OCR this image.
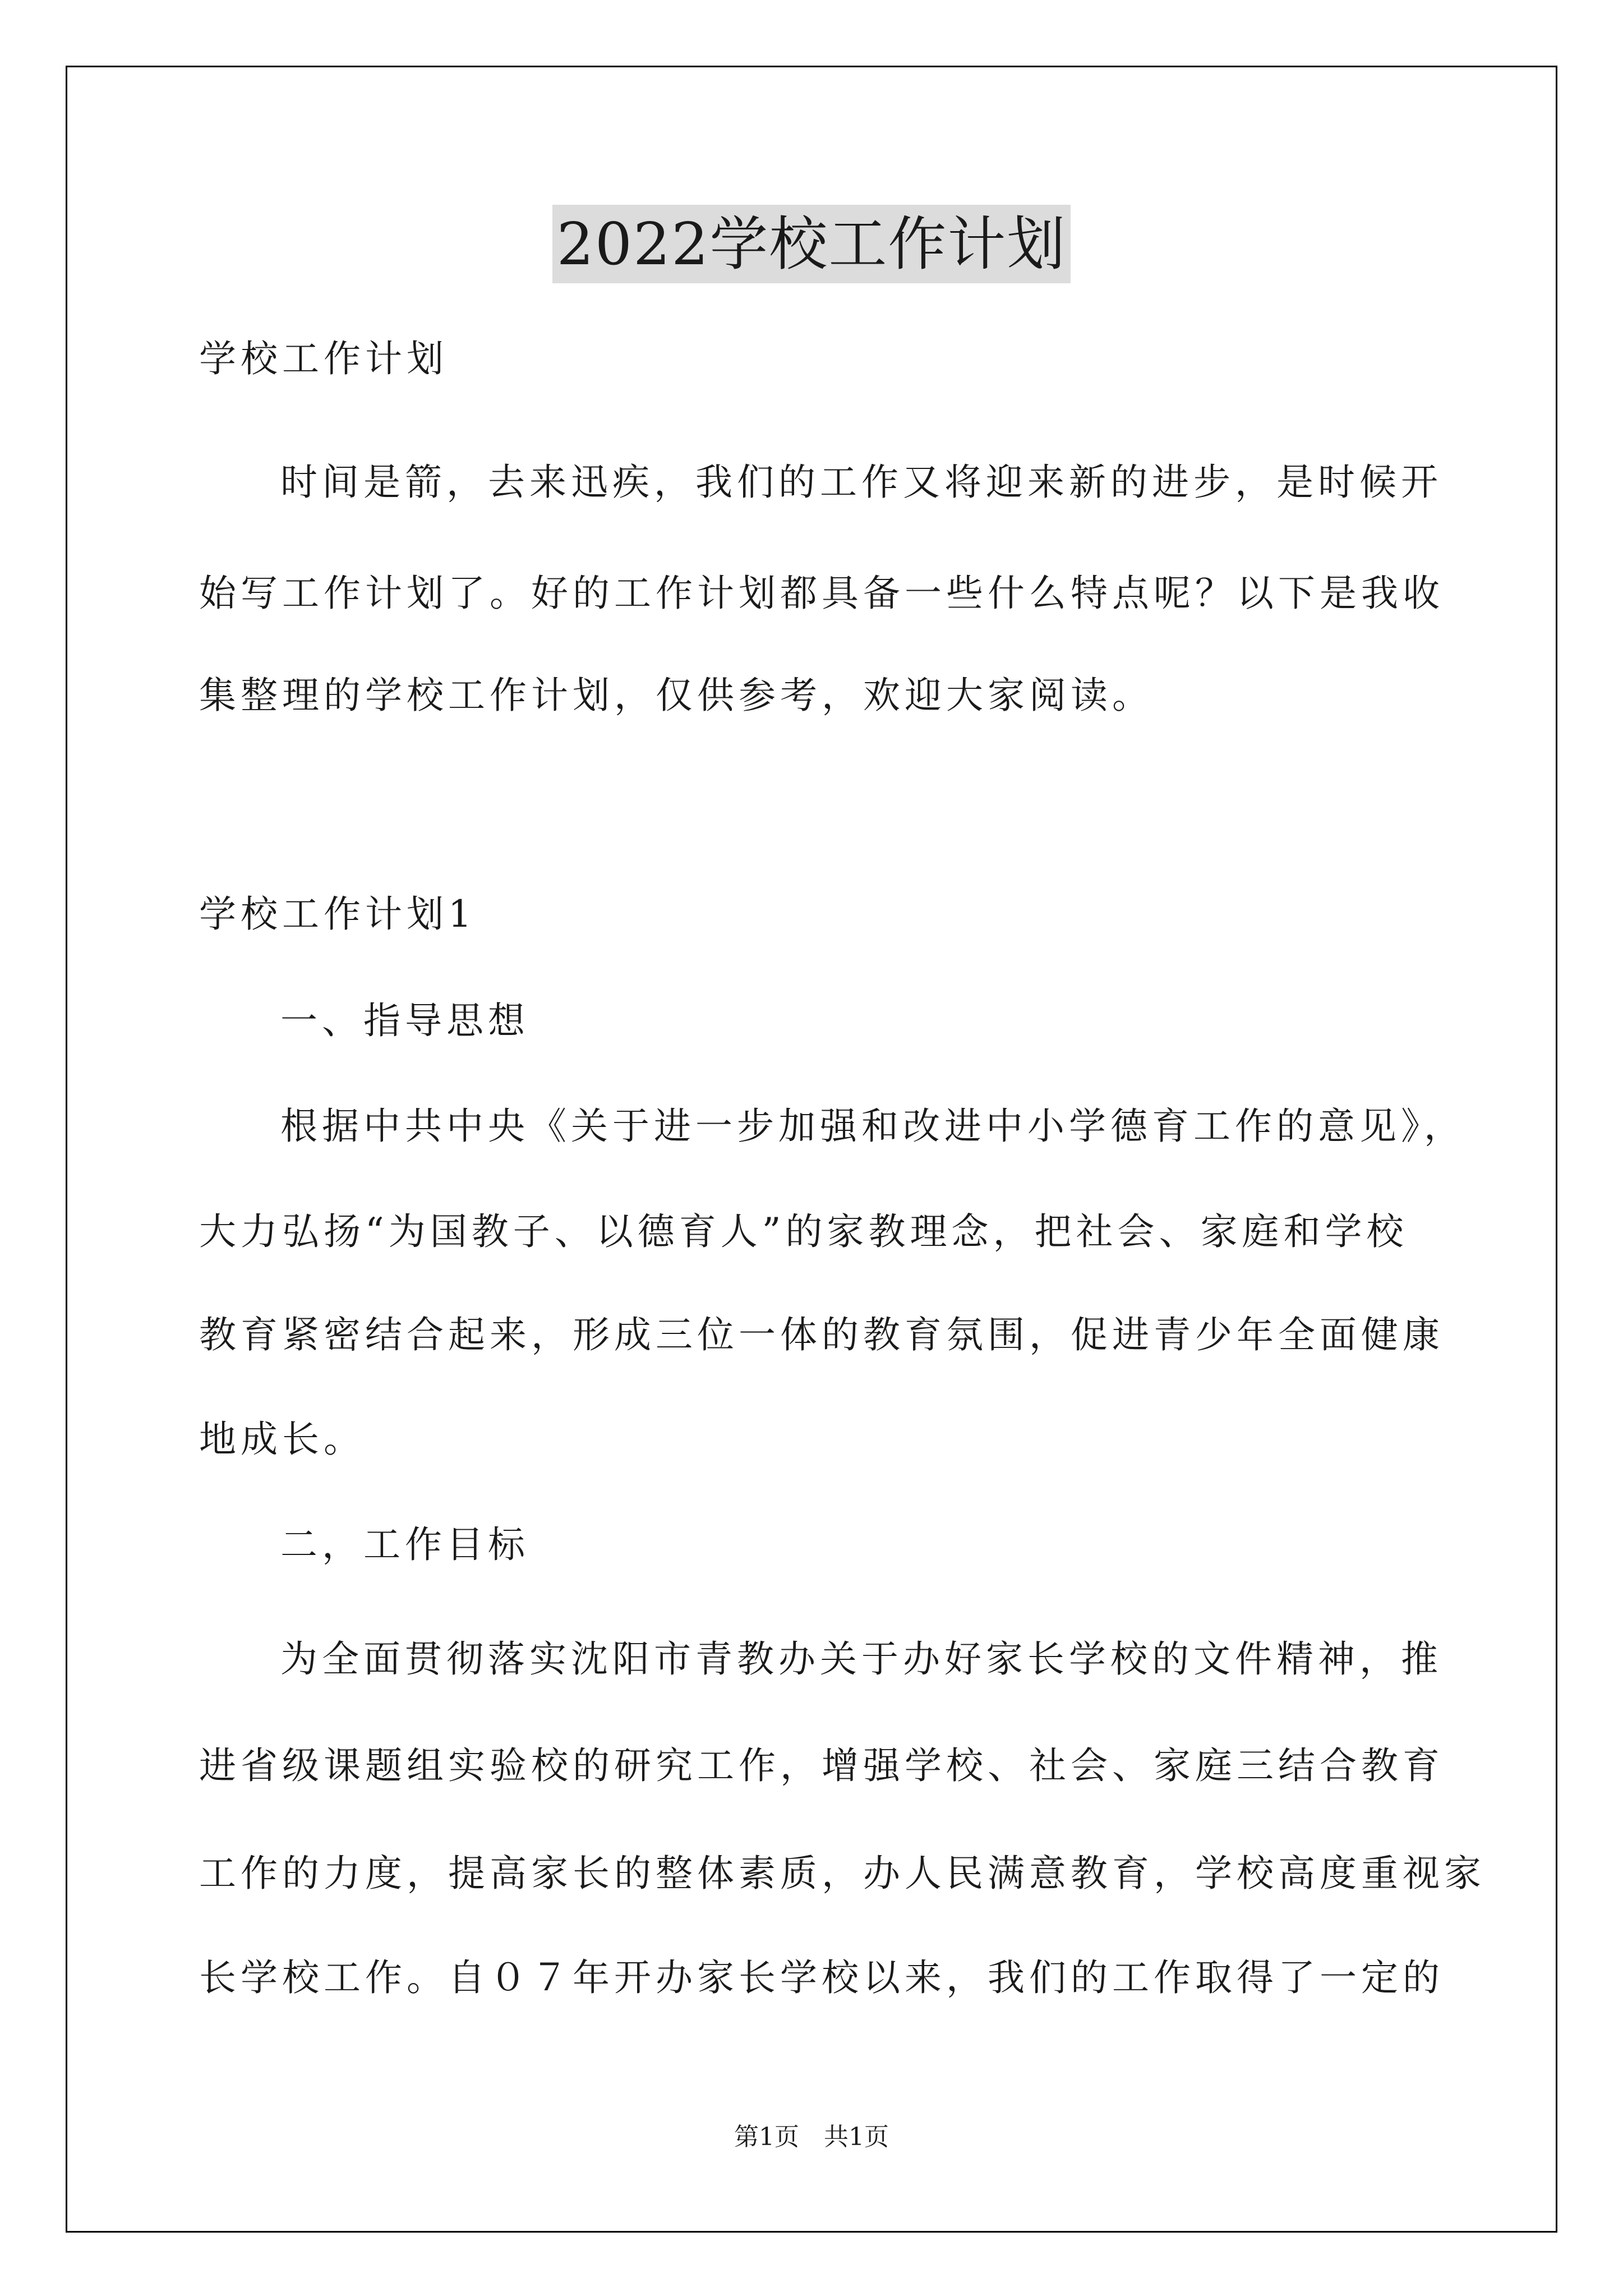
2022学校工作计划
学校工作计划
时间是箭，去来迅疾，我们的工作又将迎来新的进步，是时候开
始写工作计划了。好的工作计划都具备一些什么特点呢？以下是我收
集整理的学校工作计划，仅供参考，欢迎大家阅读。
学校工作计划1
一、指导思想
根据中共中央《关于进一步加强和改进中小学德育工作的意见》，
大力弘扬“为国教子、以德育人”的家教理念，把社会、家庭和学校
教育紧密结合起来，形成三位一体的教育氛围，促进青少年全面健康
地成长。
二，工作目标
为全面贯彻落实沈阳市青教办关于办好家长学校的文件精神，推
进省级课题组实验校的研究工作，增强学校、社会、家庭三结合教育
工作的力度，提高家长的整体素质，办人民满意教育，学校高度重视家
长学校工作。自０７年开办家长学校以来，我们的工作取得了一定的
第1页　共1页
